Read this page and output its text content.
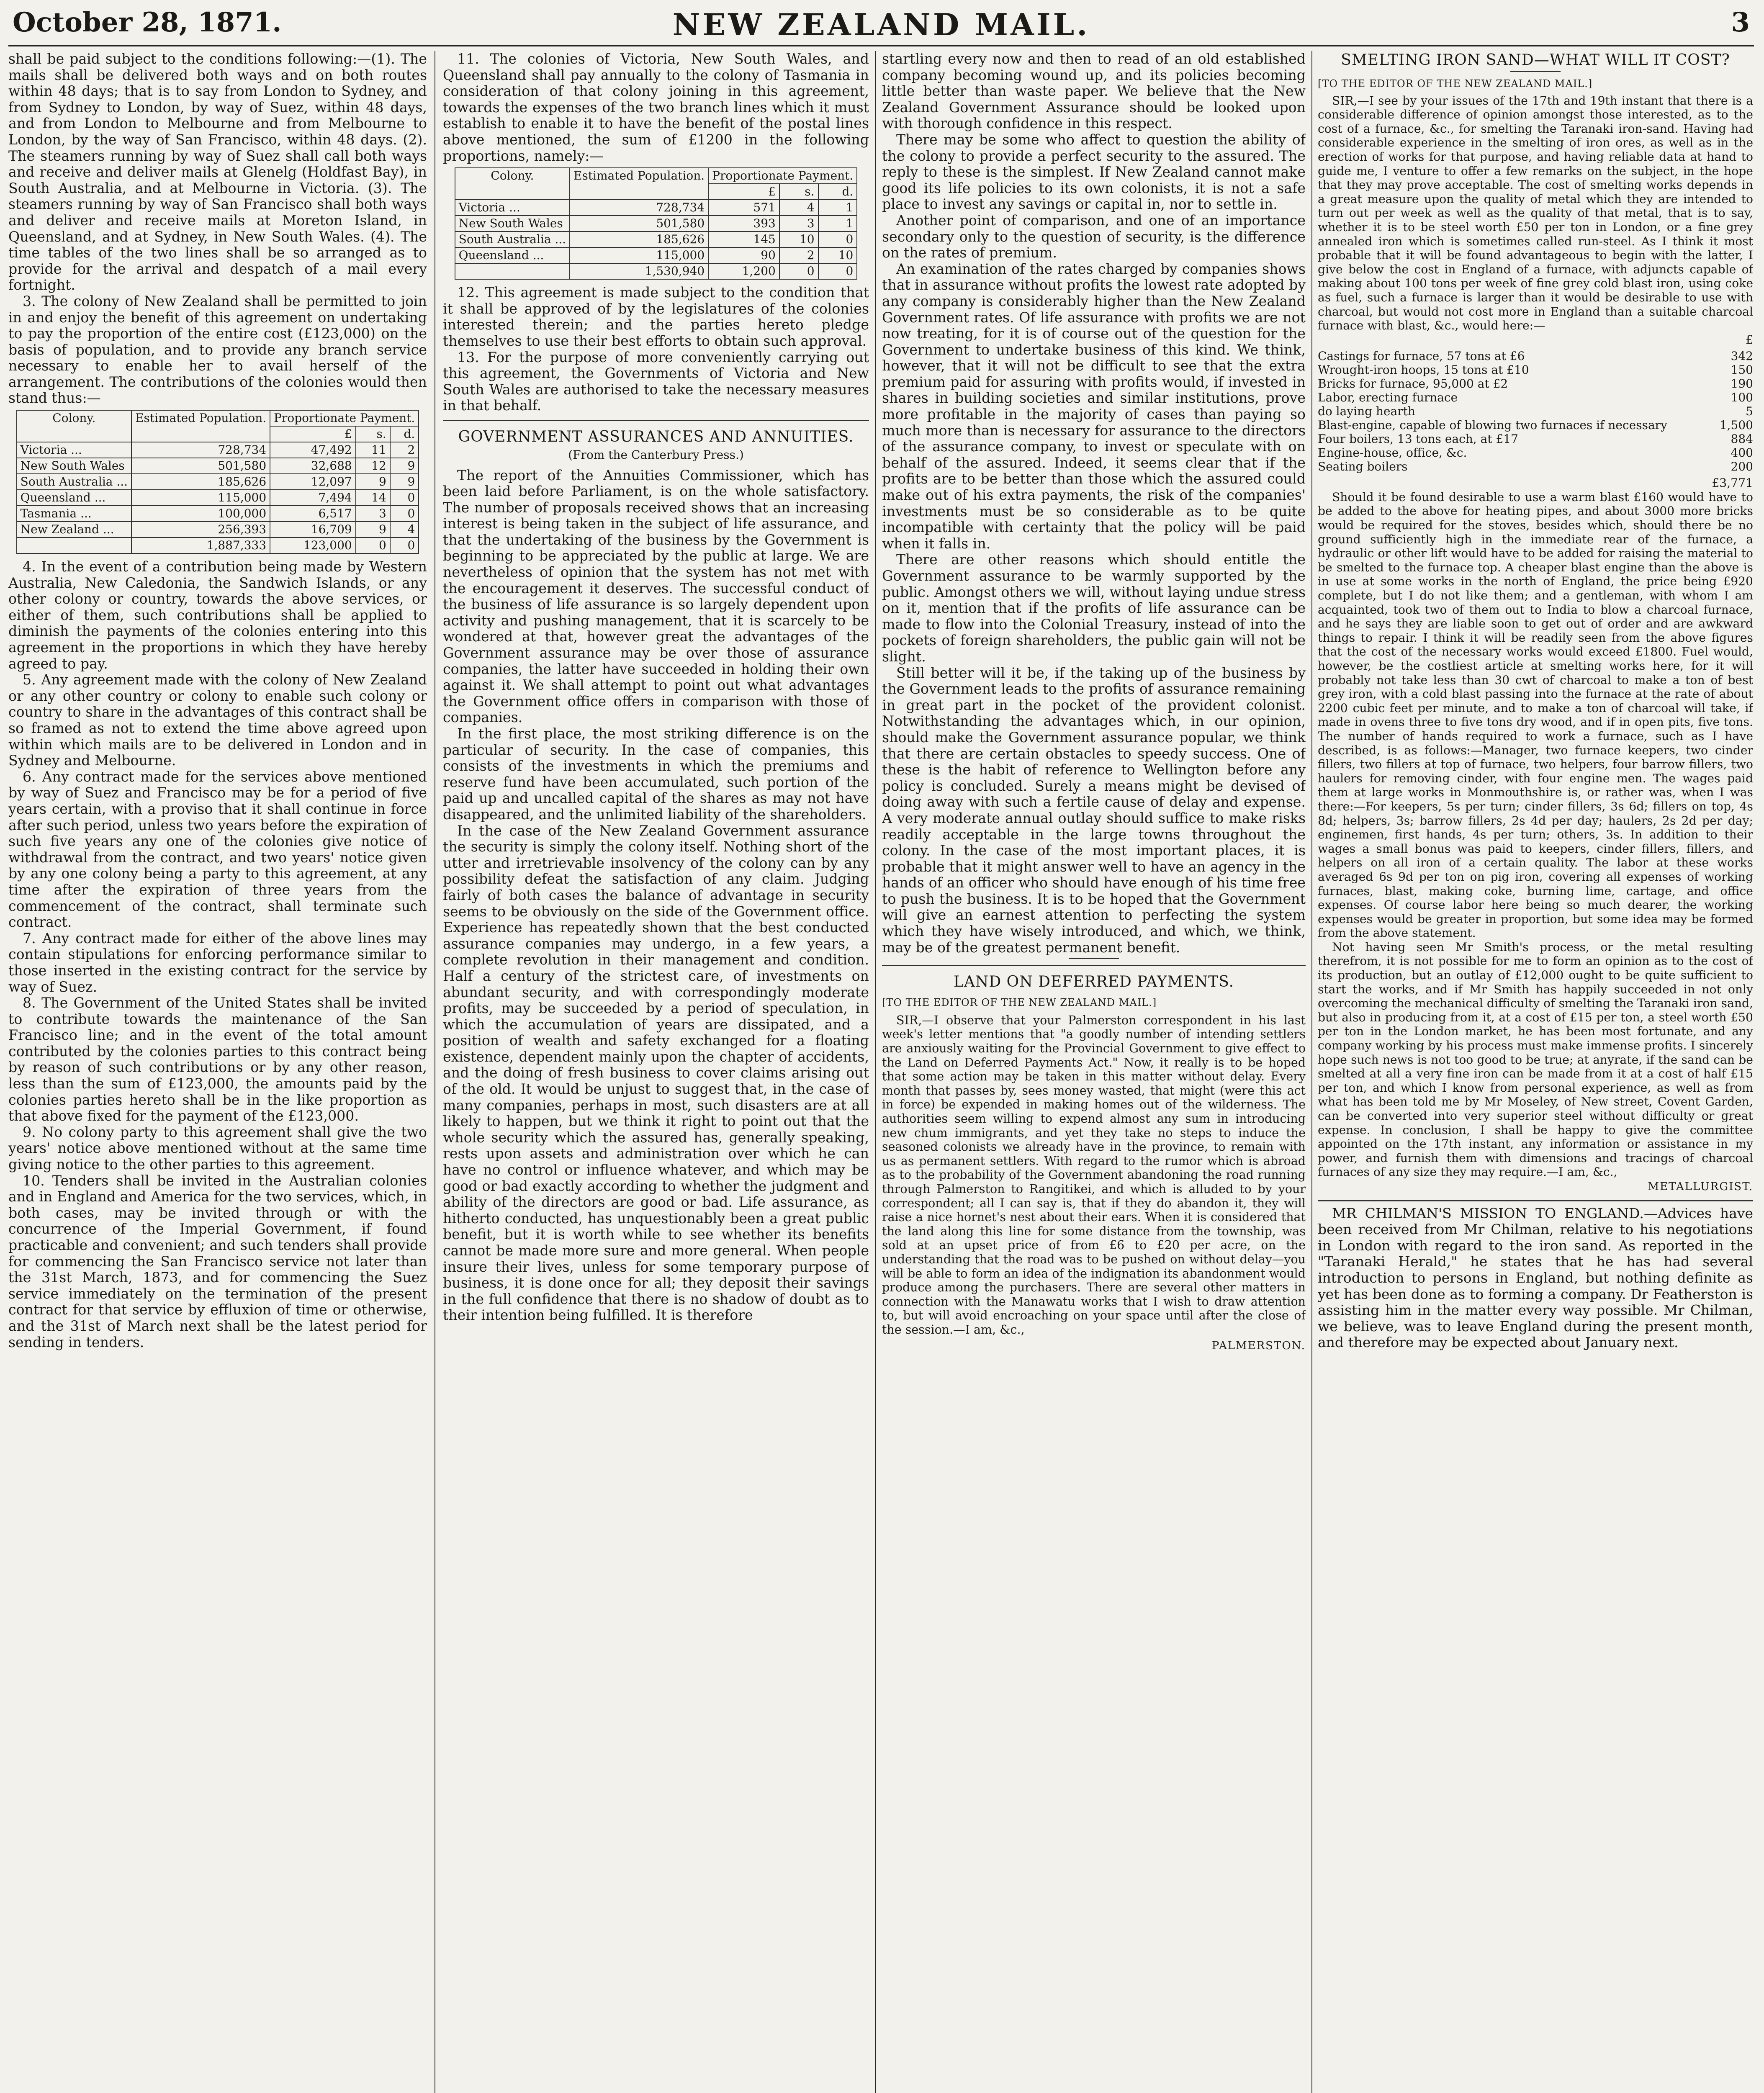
October 28, 1871.	NEW ZEALAND MAIL.	3

shall be paid subject to the conditions following:—(1). The mails shall be delivered both ways and on both routes within 48 days; that is to say from London to Sydney, and from Sydney to London, by way of Suez, within 48 days, and from London to Melbourne and from Melbourne to London, by the way of San Francisco, within 48 days. (2). The steamers running by way of Suez shall call both ways and receive and deliver mails at Glenelg (Holdfast Bay), in South Australia, and at Melbourne in Victoria. (3). The steamers running by way of San Francisco shall both ways and deliver and receive mails at Moreton Island, in Queensland, and at Sydney, in New South Wales. (4). The time tables of the two lines shall be so arranged as to provide for the arrival and despatch of a mail every fortnight.

3. The colony of New Zealand shall be permitted to join in and enjoy the benefit of this agreement on undertaking to pay the proportion of the entire cost (£123,000) on the basis of population, and to provide any branch service necessary to enable her to avail herself of the arrangement. The contributions of the colonies would then stand thus:—

Colony.	Estimated Population.	Proportionate Payment.		
		£	s.	d.
Victoria ...	728,734	47,492	11	2
New South Wales	501,580	32,688	12	9
South Australia ...	185,626	12,097	9	9
Queensland ...	115,000	7,494	14	0
Tasmania ...	100,000	6,517	3	0
New Zealand ...	256,393	16,709	9	4
	1,887,333	123,000	0	0

4. In the event of a contribution being made by Western Australia, New Caledonia, the Sandwich Islands, or any other colony or country, towards the above services, or either of them, such contributions shall be applied to diminish the payments of the colonies entering into this agreement in the proportions in which they have hereby agreed to pay.

5. Any agreement made with the colony of New Zealand or any other country or colony to enable such colony or country to share in the advantages of this contract shall be so framed as not to extend the time above agreed upon within which mails are to be delivered in London and in Sydney and Melbourne.

6. Any contract made for the services above mentioned by way of Suez and Francisco may be for a period of five years certain, with a proviso that it shall continue in force after such period, unless two years before the expiration of such five years any one of the colonies give notice of withdrawal from the contract, and two years' notice given by any one colony being a party to this agreement, at any time after the expiration of three years from the commencement of the contract, shall terminate such contract.

7. Any contract made for either of the above lines may contain stipulations for enforcing performance similar to those inserted in the existing contract for the service by way of Suez.

8. The Government of the United States shall be invited to contribute towards the maintenance of the San Francisco line; and in the event of the total amount contributed by the colonies parties to this contract being by reason of such contributions or by any other reason, less than the sum of £123,000, the amounts paid by the colonies parties hereto shall be in the like proportion as that above fixed for the payment of the £123,000.

9. No colony party to this agreement shall give the two years' notice above mentioned without at the same time giving notice to the other parties to this agreement.

10. Tenders shall be invited in the Australian colonies and in England and America for the two services, which, in both cases, may be invited through or with the concurrence of the Imperial Government, if found practicable and convenient; and such tenders shall provide for commencing the San Francisco service not later than the 31st March, 1873, and for commencing the Suez service immediately on the termination of the present contract for that service by effluxion of time or otherwise, and the 31st of March next shall be the latest period for sending in tenders.

11. The colonies of Victoria, New South Wales, and Queensland shall pay annually to the colony of Tasmania in consideration of that colony joining in this agreement, towards the expenses of the two branch lines which it must establish to enable it to have the benefit of the postal lines above mentioned, the sum of £1200 in the following proportions, namely:—

Colony.	Estimated Population.	Proportionate Payment.		
		£	s.	d.
Victoria ...	728,734	571	4	1
New South Wales	501,580	393	3	1
South Australia ...	185,626	145	10	0
Queensland ...	115,000	90	2	10
	1,530,940	1,200	0	0

12. This agreement is made subject to the condition that it shall be approved of by the legislatures of the colonies interested therein; and the parties hereto pledge themselves to use their best efforts to obtain such approval.

13. For the purpose of more conveniently carrying out this agreement, the Governments of Victoria and New South Wales are authorised to take the necessary measures in that behalf.

GOVERNMENT ASSURANCES AND ANNUITIES.
(From the Canterbury Press.)

The report of the Annuities Commissioner, which has been laid before Parliament, is on the whole satisfactory. The number of proposals received shows that an increasing interest is being taken in the subject of life assurance, and that the undertaking of the business by the Government is beginning to be appreciated by the public at large. We are nevertheless of opinion that the system has not met with the encouragement it deserves. The successful conduct of the business of life assurance is so largely dependent upon activity and pushing management, that it is scarcely to be wondered at that, however great the advantages of the Government assurance may be over those of assurance companies, the latter have succeeded in holding their own against it. We shall attempt to point out what advantages the Government office offers in comparison with those of companies.

In the first place, the most striking difference is on the particular of security. In the case of companies, this consists of the investments in which the premiums and reserve fund have been accumulated, such portion of the paid up and uncalled capital of the shares as may not have disappeared, and the unlimited liability of the shareholders.

In the case of the New Zealand Government assurance the security is simply the colony itself. Nothing short of the utter and irretrievable insolvency of the colony can by any possibility defeat the satisfaction of any claim. Judging fairly of both cases the balance of advantage in security seems to be obviously on the side of the Government office. Experience has repeatedly shown that the best conducted assurance companies may undergo, in a few years, a complete revolution in their management and condition. Half a century of the strictest care, of investments on abundant security, and with correspondingly moderate profits, may be succeeded by a period of speculation, in which the accumulation of years are dissipated, and a position of wealth and safety exchanged for a floating existence, dependent mainly upon the chapter of accidents, and the doing of fresh business to cover claims arising out of the old. It would be unjust to suggest that, in the case of many companies, perhaps in most, such disasters are at all likely to happen, but we think it right to point out that the whole security which the assured has, generally speaking, rests upon assets and administration over which he can have no control or influence whatever, and which may be good or bad exactly according to whether the judgment and ability of the directors are good or bad. Life assurance, as hitherto conducted, has unquestionably been a great public benefit, but it is worth while to see whether its benefits cannot be made more sure and more general. When people insure their lives, unless for some temporary purpose of business, it is done once for all; they deposit their savings in the full confidence that there is no shadow of doubt as to their intention being fulfilled. It is therefore

startling every now and then to read of an old established company becoming wound up, and its policies becoming little better than waste paper. We believe that the New Zealand Government Assurance should be looked upon with thorough confidence in this respect.

There may be some who affect to question the ability of the colony to provide a perfect security to the assured. The reply to these is the simplest. If New Zealand cannot make good its life policies to its own colonists, it is not a safe place to invest any savings or capital in, nor to settle in.

Another point of comparison, and one of an importance secondary only to the question of security, is the difference on the rates of premium.

An examination of the rates charged by companies shows that in assurance without profits the lowest rate adopted by any company is considerably higher than the New Zealand Government rates. Of life assurance with profits we are not now treating, for it is of course out of the question for the Government to undertake business of this kind. We think, however, that it will not be difficult to see that the extra premium paid for assuring with profits would, if invested in shares in building societies and similar institutions, prove more profitable in the majority of cases than paying so much more than is necessary for assurance to the directors of the assurance company, to invest or speculate with on behalf of the assured. Indeed, it seems clear that if the profits are to be better than those which the assured could make out of his extra payments, the risk of the companies' investments must be so considerable as to be quite incompatible with certainty that the policy will be paid when it falls in.

There are other reasons which should entitle the Government assurance to be warmly supported by the public. Amongst others we will, without laying undue stress on it, mention that if the profits of life assurance can be made to flow into the Colonial Treasury, instead of into the pockets of foreign shareholders, the public gain will not be slight.

Still better will it be, if the taking up of the business by the Government leads to the profits of assurance remaining in great part in the pocket of the provident colonist. Notwithstanding the advantages which, in our opinion, should make the Government assurance popular, we think that there are certain obstacles to speedy success. One of these is the habit of reference to Wellington before any policy is concluded. Surely a means might be devised of doing away with such a fertile cause of delay and expense. A very moderate annual outlay should suffice to make risks readily acceptable in the large towns throughout the colony. In the case of the most important places, it is probable that it might answer well to have an agency in the hands of an officer who should have enough of his time free to push the business. It is to be hoped that the Government will give an earnest attention to perfecting the system which they have wisely introduced, and which, we think, may be of the greatest permanent benefit.

LAND ON DEFERRED PAYMENTS.
[TO THE EDITOR OF THE NEW ZEALAND MAIL.]

SIR,—I observe that your Palmerston correspondent in his last week's letter mentions that "a goodly number of intending settlers are anxiously waiting for the Provincial Government to give effect to the Land on Deferred Payments Act." Now, it really is to be hoped that some action may be taken in this matter without delay. Every month that passes by, sees money wasted, that might (were this act in force) be expended in making homes out of the wilderness. The authorities seem willing to expend almost any sum in introducing new chum immigrants, and yet they take no steps to induce the seasoned colonists we already have in the province, to remain with us as permanent settlers. With regard to the rumor which is abroad as to the probability of the Government abandoning the road running through Palmerston to Rangitikei, and which is alluded to by your correspondent; all I can say is, that if they do abandon it, they will raise a nice hornet's nest about their ears. When it is considered that the land along this line for some distance from the township, was sold at an upset price of from £6 to £20 per acre, on the understanding that the road was to be pushed on without delay—you will be able to form an idea of the indignation its abandonment would produce among the purchasers. There are several other matters in connection with the Manawatu works that I wish to draw attention to, but will avoid encroaching on your space until after the close of the session.—I am, &c.,

PALMERSTON.
SMELTING IRON SAND—WHAT WILL IT COST?
[TO THE EDITOR OF THE NEW ZEALAND MAIL.]

SIR,—I see by your issues of the 17th and 19th instant that there is a considerable difference of opinion amongst those interested, as to the cost of a furnace, &c., for smelting the Taranaki iron-sand. Having had considerable experience in the smelting of iron ores, as well as in the erection of works for that purpose, and having reliable data at hand to guide me, I venture to offer a few remarks on the subject, in the hope that they may prove acceptable. The cost of smelting works depends in a great measure upon the quality of metal which they are intended to turn out per week as well as the quality of that metal, that is to say, whether it is to be steel worth £50 per ton in London, or a fine grey annealed iron which is sometimes called run-steel. As I think it most probable that it will be found advantageous to begin with the latter, I give below the cost in England of a furnace, with adjuncts capable of making about 100 tons per week of fine grey cold blast iron, using coke as fuel, such a furnace is larger than it would be desirable to use with charcoal, but would not cost more in England than a suitable charcoal furnace with blast, &c., would here:—

£
Castings for furnace, 57 tons at £6	342
Wrought-iron hoops, 15 tons at £10	150
Bricks for furnace, 95,000 at £2	190
Labor, erecting furnace	100
do laying hearth	5
Blast-engine, capable of blowing two furnaces if necessary	1,500
Four boilers, 13 tons each, at £17	884
Engine-house, office, &c.	400
Seating boilers	200
£3,771

Should it be found desirable to use a warm blast £160 would have to be added to the above for heating pipes, and about 3000 more bricks would be required for the stoves, besides which, should there be no ground sufficiently high in the immediate rear of the furnace, a hydraulic or other lift would have to be added for raising the material to be smelted to the furnace top. A cheaper blast engine than the above is in use at some works in the north of England, the price being £920 complete, but I do not like them; and a gentleman, with whom I am acquainted, took two of them out to India to blow a charcoal furnace, and he says they are liable soon to get out of order and are awkward things to repair. I think it will be readily seen from the above figures that the cost of the necessary works would exceed £1800. Fuel would, however, be the costliest article at smelting works here, for it will probably not take less than 30 cwt of charcoal to make a ton of best grey iron, with a cold blast passing into the furnace at the rate of about 2200 cubic feet per minute, and to make a ton of charcoal will take, if made in ovens three to five tons dry wood, and if in open pits, five tons. The number of hands required to work a furnace, such as I have described, is as follows:—Manager, two furnace keepers, two cinder fillers, two fillers at top of furnace, two helpers, four barrow fillers, two haulers for removing cinder, with four engine men. The wages paid them at large works in Monmouthshire is, or rather was, when I was there:—For keepers, 5s per turn; cinder fillers, 3s 6d; fillers on top, 4s 8d; helpers, 3s; barrow fillers, 2s 4d per day; haulers, 2s 2d per day; enginemen, first hands, 4s per turn; others, 3s. In addition to their wages a small bonus was paid to keepers, cinder fillers, fillers, and helpers on all iron of a certain quality. The labor at these works averaged 6s 9d per ton on pig iron, covering all expenses of working furnaces, blast, making coke, burning lime, cartage, and office expenses. Of course labor here being so much dearer, the working expenses would be greater in proportion, but some idea may be formed from the above statement.

Not having seen Mr Smith's process, or the metal resulting therefrom, it is not possible for me to form an opinion as to the cost of its production, but an outlay of £12,000 ought to be quite sufficient to start the works, and if Mr Smith has happily succeeded in not only overcoming the mechanical difficulty of smelting the Taranaki iron sand, but also in producing from it, at a cost of £15 per ton, a steel worth £50 per ton in the London market, he has been most fortunate, and any company working by his process must make immense profits. I sincerely hope such news is not too good to be true; at anyrate, if the sand can be smelted at all a very fine iron can be made from it at a cost of half £15 per ton, and which I know from personal experience, as well as from what has been told me by Mr Moseley, of New street, Covent Garden, can be converted into very superior steel without difficulty or great expense. In conclusion, I shall be happy to give the committee appointed on the 17th instant, any information or assistance in my power, and furnish them with dimensions and tracings of charcoal furnaces of any size they may require.—I am, &c.,

METALLURGIST.

MR CHILMAN'S MISSION TO ENGLAND.—Advices have been received from Mr Chilman, relative to his negotiations in London with regard to the iron sand. As reported in the "Taranaki Herald," he states that he has had several introduction to persons in England, but nothing definite as yet has been done as to forming a company. Dr Featherston is assisting him in the matter every way possible. Mr Chilman, we believe, was to leave England during the present month, and therefore may be expected about January next.
